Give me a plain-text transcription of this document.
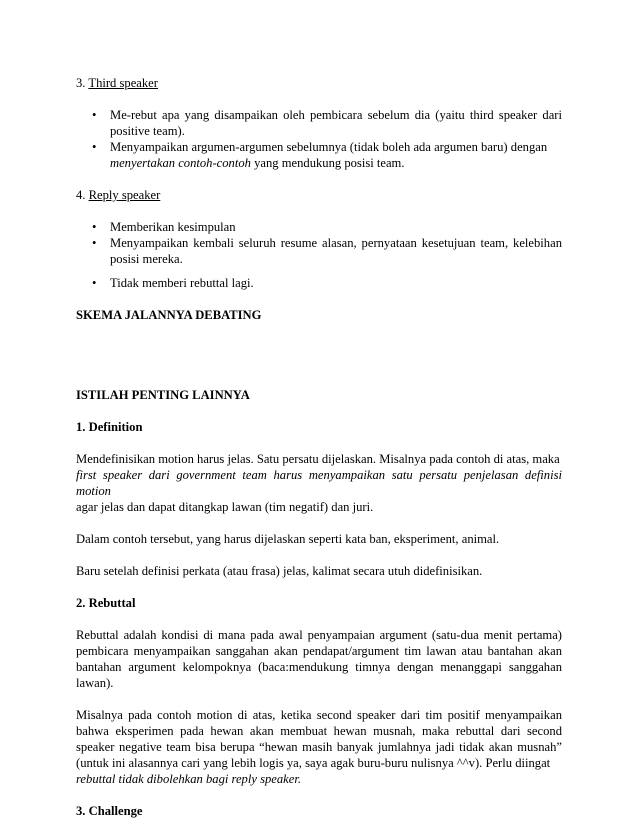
3. Third speaker

• Me-rebut apa yang disampaikan oleh pembicara sebelum dia (yaitu third speaker dari positive team).
• Menyampaikan argumen-argumen sebelumnya (tidak boleh ada argumen baru) dengan
menyertakan contoh-contoh yang mendukung posisi team.

4. Reply speaker

• Memberikan kesimpulan
• Menyampaikan kembali seluruh resume alasan, pernyataan kesetujuan team, kelebihan posisi mereka.
• Tidak memberi rebuttal lagi.

SKEMA JALANNYA DEBATING

ISTILAH PENTING LAINNYA

1. Definition

Mendefinisikan motion harus jelas. Satu persatu dijelaskan. Misalnya pada contoh di atas, maka
first speaker dari government team harus menyampaikan satu persatu penjelasan definisi motion
agar jelas dan dapat ditangkap lawan (tim negatif) dan juri.

Dalam contoh tersebut, yang harus dijelaskan seperti kata ban, eksperiment, animal.

Baru setelah definisi perkata (atau frasa) jelas, kalimat secara utuh didefinisikan.

2. Rebuttal

Rebuttal adalah kondisi di mana pada awal penyampaian argument (satu-dua menit pertama) pembicara menyampaikan sanggahan akan pendapat/argument tim lawan atau bantahan akan bantahan argument kelompoknya (baca:mendukung timnya dengan menanggapi sanggahan lawan).

Misalnya pada contoh motion di atas, ketika second speaker dari tim positif menyampaikan bahwa eksperimen pada hewan akan membuat hewan musnah, maka rebuttal dari second speaker negative team bisa berupa “hewan masih banyak jumlahnya jadi tidak akan musnah” (untuk ini alasannya cari yang lebih logis ya, saya agak buru-buru nulisnya ^^v). Perlu diingat
rebuttal tidak dibolehkan bagi reply speaker.

3. Challenge
